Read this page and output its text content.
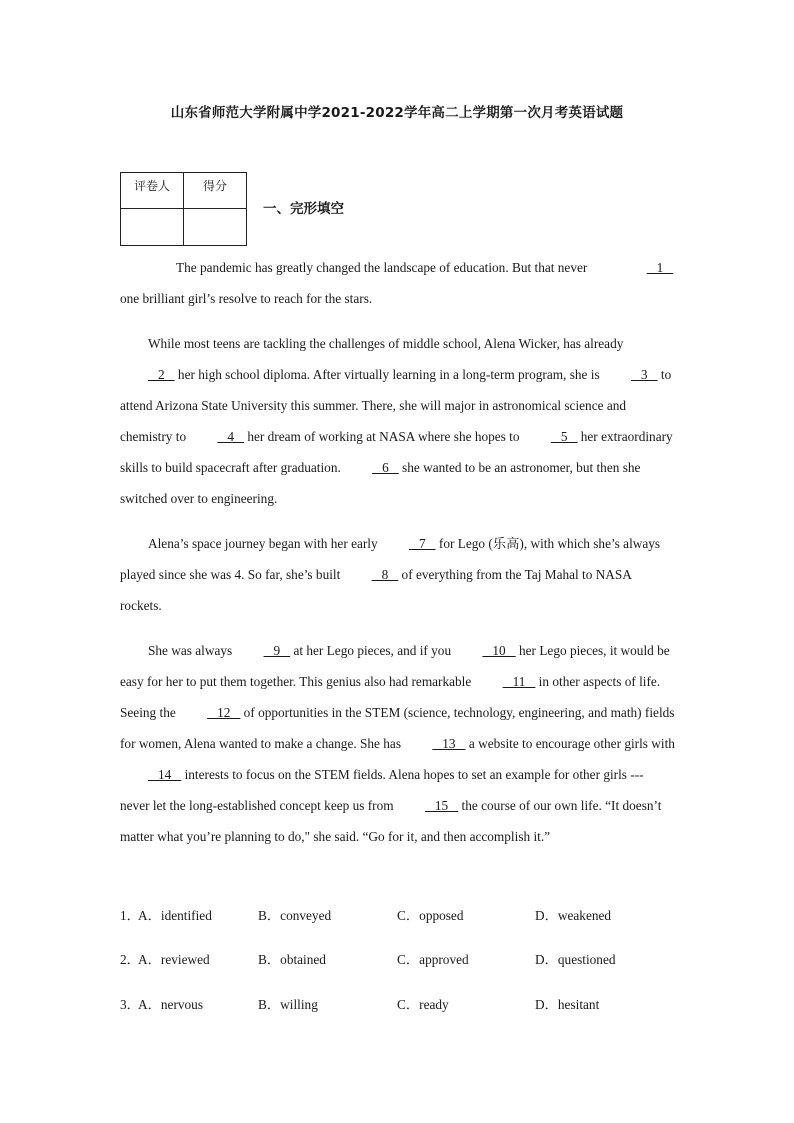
山东省师范大学附属中学2021-2022学年高二上学期第一次月考英语试题
评卷人	得分

一、完形填空

The pandemic has greatly changed the landscape of education. But that never	1    one brilliant girl’s resolve to reach for the stars.

While most teens are tackling the challenges of middle school, Alena Wicker, has already    2    her high school diploma. After virtually learning in a long-term program, she is    3    to attend Arizona State University this summer. There, she will major in astronomical science and chemistry to    4    her dream of working at NASA where she hopes to    5    her extraordinary skills to build spacecraft after graduation.    6    she wanted to be an astronomer, but then she switched over to engineering.

Alena’s space journey began with her early    7    for Lego (乐高), with which she’s always played since she was 4. So far, she’s built    8    of everything from the Taj Mahal to NASA rockets.

She was always    9    at her Lego pieces, and if you    10    her Lego pieces, it would be easy for her to put them together. This genius also had remarkable    11    in other aspects of life. Seeing the    12    of opportunities in the STEM (science, technology, engineering, and math) fields for women, Alena wanted to make a change. She has    13    a website to encourage other girls with    14    interests to focus on the STEM fields. Alena hopes to set an example for other girls --- never let the long-established concept keep us from    15    the course of our own life. “It doesn’t matter what you’re planning to do," she said. “Go for it, and then accomplish it.”

1．
A．identified	B．conveyed	C．opposed	D．weakened
2．
A．reviewed	B．obtained	C．approved	D．questioned
3．
A．nervous	B．willing	C．ready	D．hesitant
